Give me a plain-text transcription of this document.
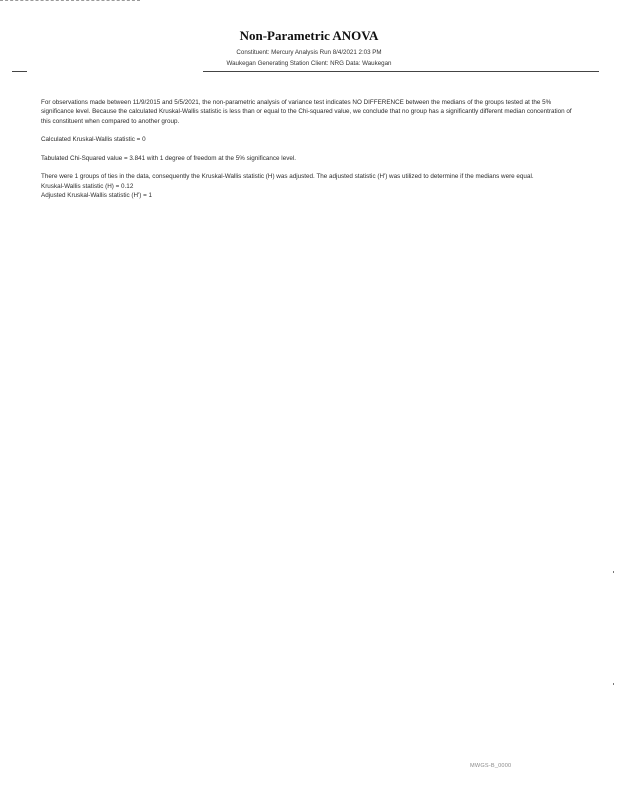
Non-Parametric ANOVA
Constituent: Mercury Analysis Run 8/4/2021 2:03 PM
Waukegan Generating Station Client: NRG Data: Waukegan

For observations made between 11/9/2015 and 5/5/2021, the non-parametric analysis of variance test indicates NO DIFFERENCE between the medians of the groups tested at the 5% significance level. Because the calculated Kruskal-Wallis statistic is less than or equal to the Chi-squared value, we conclude that no group has a significantly different median concentration of this constituent when compared to another group.

Calculated Kruskal-Wallis statistic = 0

Tabulated Chi-Squared value = 3.841 with 1 degree of freedom at the 5% significance level.

There were 1 groups of ties in the data, consequently the Kruskal-Wallis statistic (H) was adjusted. The adjusted statistic (H') was utilized to determine if the medians were equal.

Kruskal-Wallis statistic (H) = 0.12

Adjusted Kruskal-Wallis statistic (H') = 1

MWGS-B_0000
